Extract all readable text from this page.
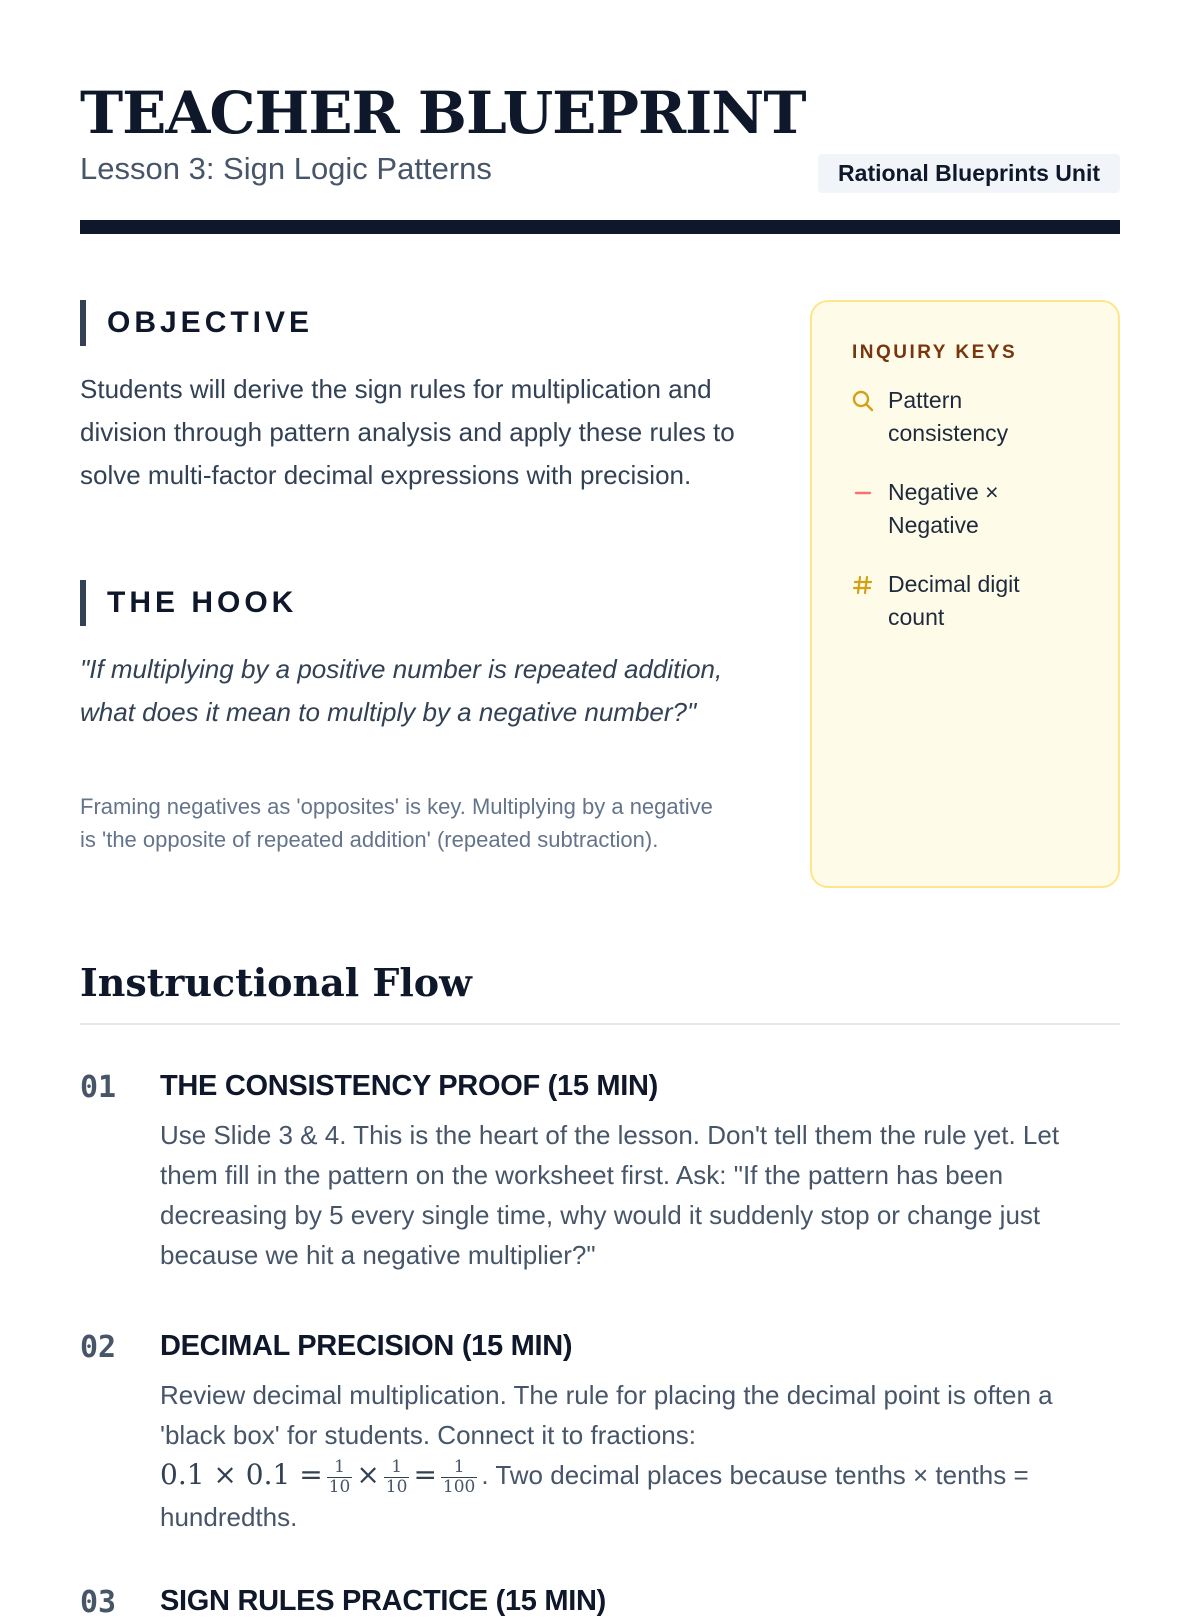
TEACHER BLUEPRINT
Lesson 3: Sign Logic Patterns	Rational Blueprints Unit
OBJECTIVE

Students will derive the sign rules for multiplication and division through pattern analysis and apply these rules to solve multi-factor decimal expressions with precision.

THE HOOK

"If multiplying by a positive number is repeated addition, what does it mean to multiply by a negative number?"

Framing negatives as 'opposites' is key. Multiplying by a negative is 'the opposite of repeated addition' (repeated subtraction).

INQUIRY KEYS
Pattern consistency
Negative × Negative
Decimal digit count
Instructional Flow
01 THE CONSISTENCY PROOF (15 MIN)

Use Slide 3 & 4. This is the heart of the lesson. Don't tell them the rule yet. Let them fill in the pattern on the worksheet first. Ask: "If the pattern has been decreasing by 5 every single time, why would it suddenly stop or change just because we hit a negative multiplier?"

02 DECIMAL PRECISION (15 MIN)

Review decimal multiplication. The rule for placing the decimal point is often a 'black box' for students. Connect it to fractions:
$0.1 \times 0.1 = \frac{1}{10} \times \frac{1}{10} = \frac{1}{100}$ . Two decimal places because tenths × tenths = hundredths.

03 SIGN RULES PRACTICE (15 MIN)
